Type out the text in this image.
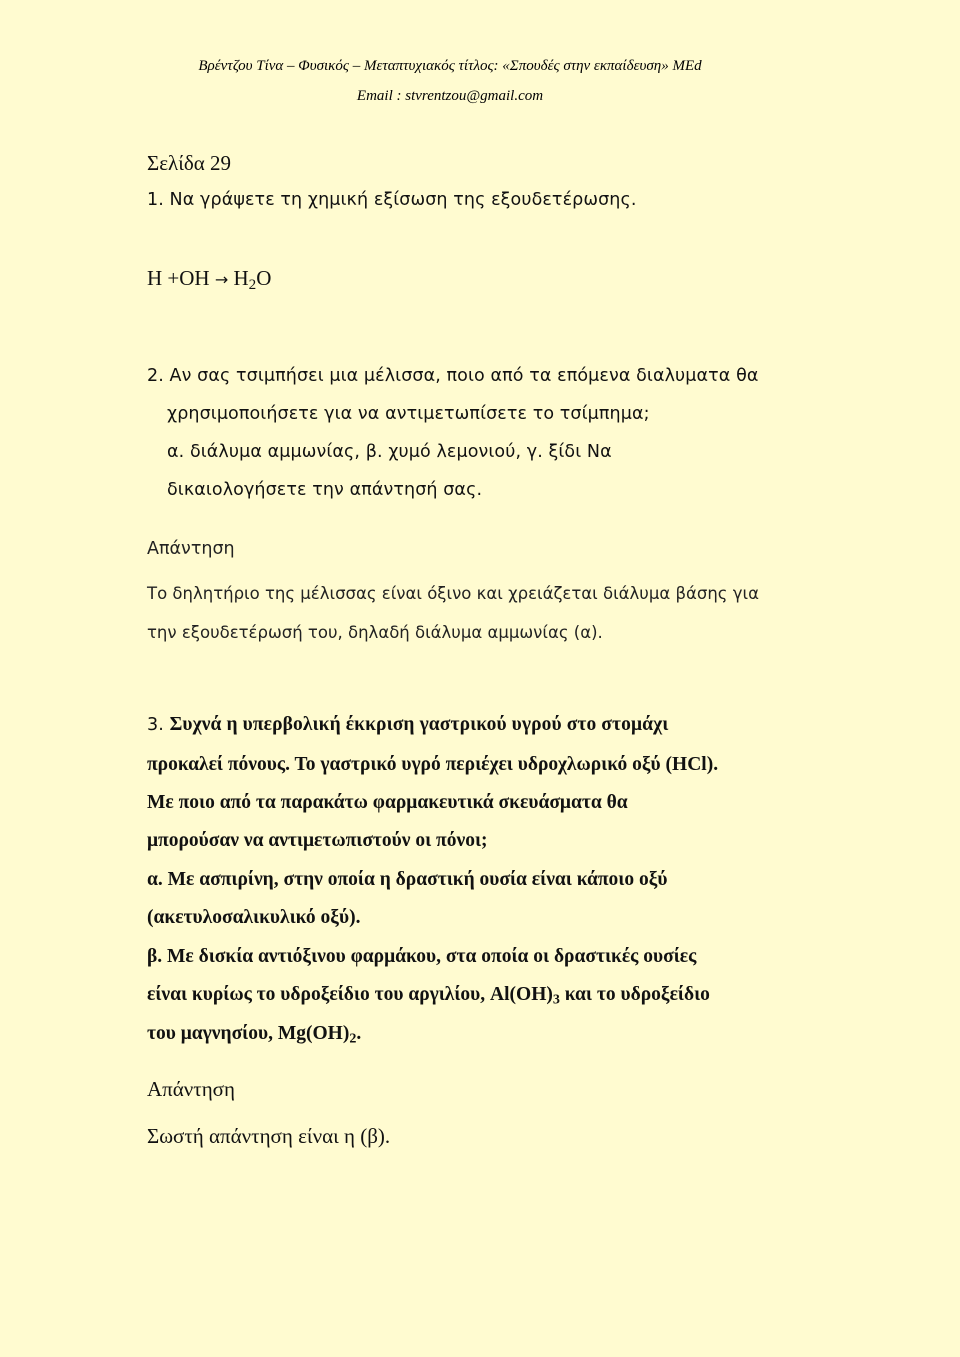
Βρέντζου Τίνα – Φυσικός – Μεταπτυχιακός τίτλος: «Σπουδές στην εκπαίδευση» MEd
Email : stvrentzou@gmail.com
Σελίδα 29
1. Να γράψετε τη χημική εξίσωση της εξουδετέρωσης.
$H +OH \to H_2O$
2. Αν σας τσιμπήσει μια μέλισσα, ποιο από τα επόμενα διαλυματα θα
χρησιμοποιήσετε για να αντιμετωπίσετε το τσίμπημα;
α. διάλυμα αμμωνίας, β. χυμό λεμονιού, γ. ξίδι Να
δικαιολογήσετε την απάντησή σας.
Απάντηση
Το δηλητήριο της μέλισσας είναι όξινο και χρειάζεται διάλυμα βάσης για
την εξουδετέρωσή του, δηλαδή διάλυμα αμμωνίας (α).
3. Συχνά η υπερβολική έκκριση γαστρικού υγρού στο στομάχι
προκαλεί πόνους. Το γαστρικό υγρό περιέχει υδροχλωρικό οξύ (HCl).
Με ποιο από τα παρακάτω φαρμακευτικά σκευάσματα θα
μπορούσαν να αντιμετωπιστούν οι πόνοι;
α. Με ασπιρίνη, στην οποία η δραστική ουσία είναι κάποιο οξύ
(ακετυλοσαλικυλικό οξύ).
β. Με δισκία αντιόξινου φαρμάκου, στα οποία οι δραστικές ουσίες
είναι κυρίως το υδροξείδιο του αργιλίου, $Al(OH)_3$ και το υδροξείδιο
του μαγνησίου, $Mg(OH)_2$.
Απάντηση
Σωστή απάντηση είναι η (β).
